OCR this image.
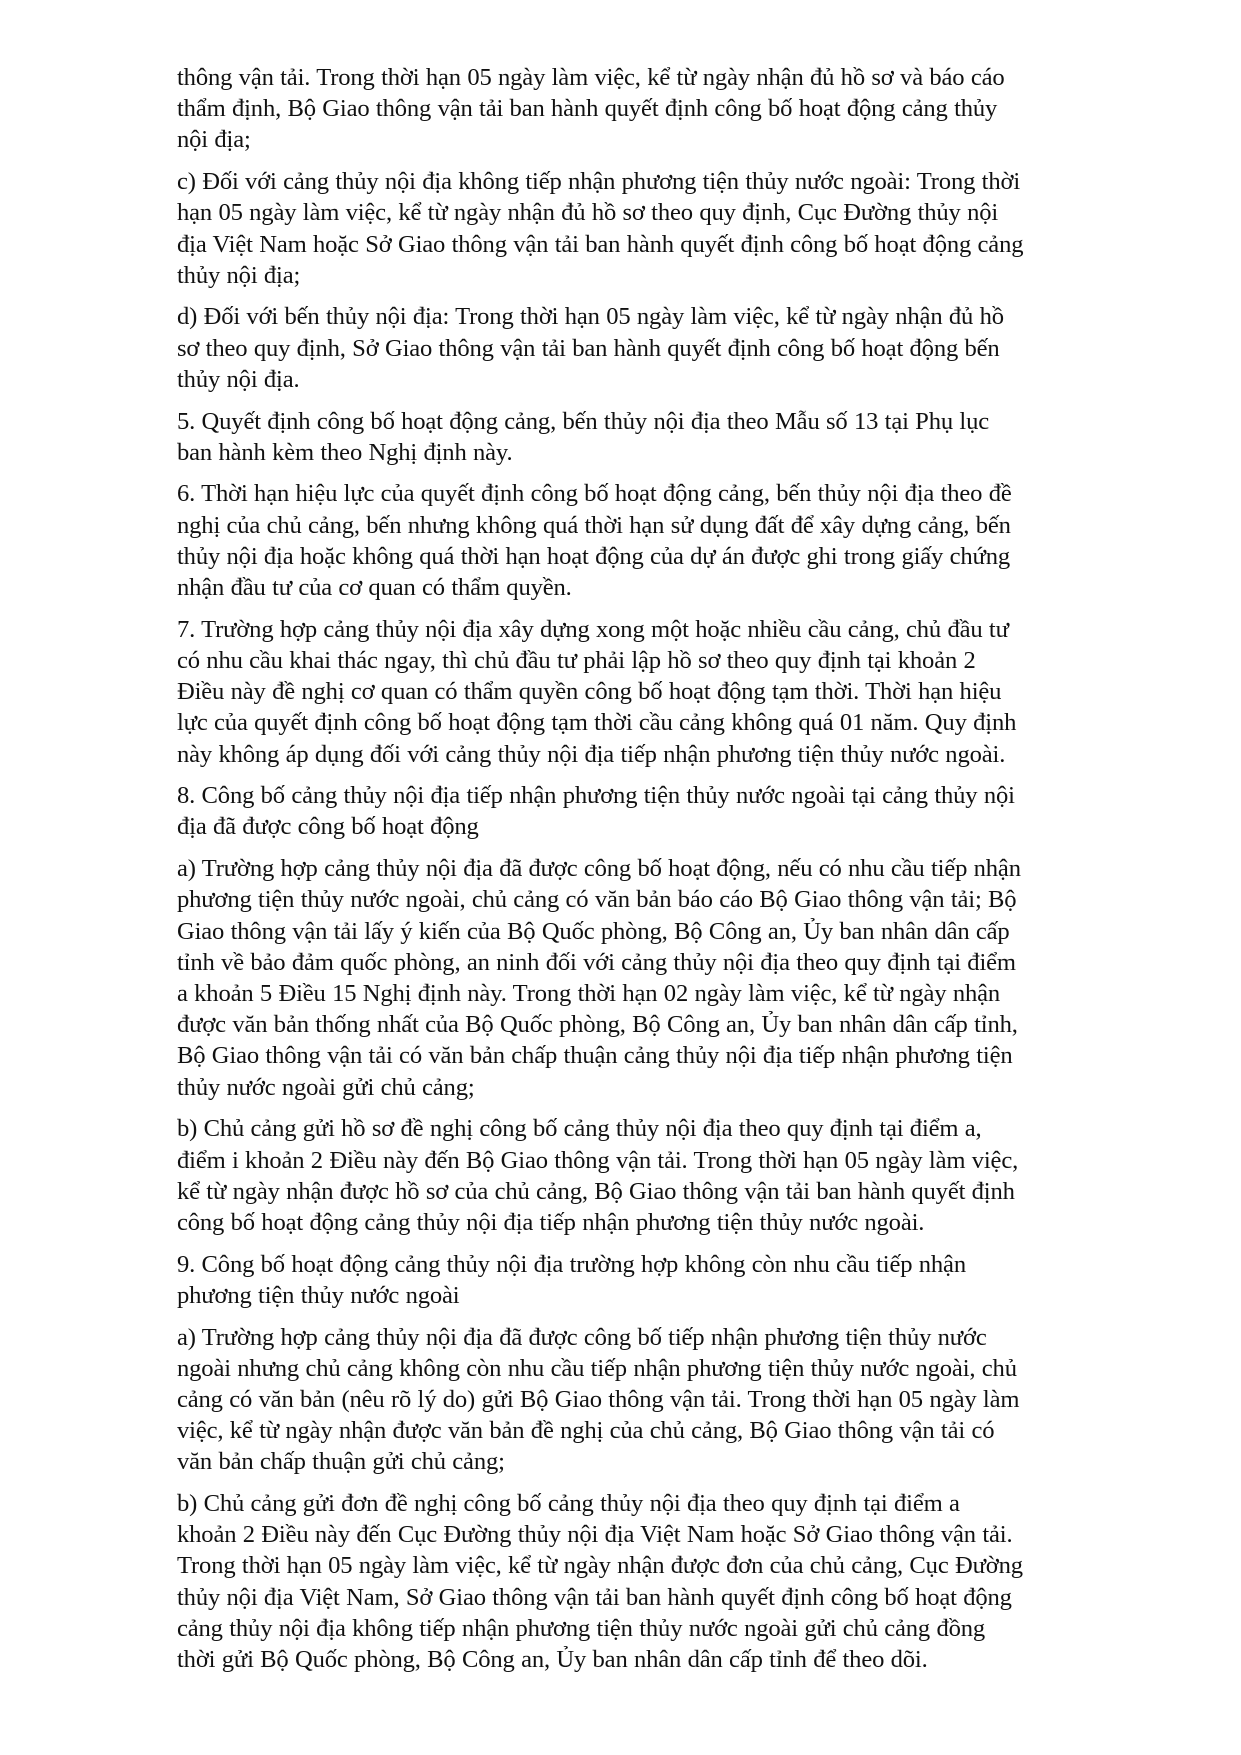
thông vận tải. Trong thời hạn 05 ngày làm việc, kể từ ngày nhận đủ hồ sơ và báo cáo
thẩm định, Bộ Giao thông vận tải ban hành quyết định công bố hoạt động cảng thủy
nội địa;

c) Đối với cảng thủy nội địa không tiếp nhận phương tiện thủy nước ngoài: Trong thời
hạn 05 ngày làm việc, kể từ ngày nhận đủ hồ sơ theo quy định, Cục Đường thủy nội
địa Việt Nam hoặc Sở Giao thông vận tải ban hành quyết định công bố hoạt động cảng
thủy nội địa;

d) Đối với bến thủy nội địa: Trong thời hạn 05 ngày làm việc, kể từ ngày nhận đủ hồ
sơ theo quy định, Sở Giao thông vận tải ban hành quyết định công bố hoạt động bến
thủy nội địa.

5. Quyết định công bố hoạt động cảng, bến thủy nội địa theo Mẫu số 13 tại Phụ lục
ban hành kèm theo Nghị định này.

6. Thời hạn hiệu lực của quyết định công bố hoạt động cảng, bến thủy nội địa theo đề
nghị của chủ cảng, bến nhưng không quá thời hạn sử dụng đất để xây dựng cảng, bến
thủy nội địa hoặc không quá thời hạn hoạt động của dự án được ghi trong giấy chứng
nhận đầu tư của cơ quan có thẩm quyền.

7. Trường hợp cảng thủy nội địa xây dựng xong một hoặc nhiều cầu cảng, chủ đầu tư
có nhu cầu khai thác ngay, thì chủ đầu tư phải lập hồ sơ theo quy định tại khoản 2
Điều này đề nghị cơ quan có thẩm quyền công bố hoạt động tạm thời. Thời hạn hiệu
lực của quyết định công bố hoạt động tạm thời cầu cảng không quá 01 năm. Quy định
này không áp dụng đối với cảng thủy nội địa tiếp nhận phương tiện thủy nước ngoài.

8. Công bố cảng thủy nội địa tiếp nhận phương tiện thủy nước ngoài tại cảng thủy nội
địa đã được công bố hoạt động

a) Trường hợp cảng thủy nội địa đã được công bố hoạt động, nếu có nhu cầu tiếp nhận
phương tiện thủy nước ngoài, chủ cảng có văn bản báo cáo Bộ Giao thông vận tải; Bộ
Giao thông vận tải lấy ý kiến của Bộ Quốc phòng, Bộ Công an, Ủy ban nhân dân cấp
tỉnh về bảo đảm quốc phòng, an ninh đối với cảng thủy nội địa theo quy định tại điểm
a khoản 5 Điều 15 Nghị định này. Trong thời hạn 02 ngày làm việc, kể từ ngày nhận
được văn bản thống nhất của Bộ Quốc phòng, Bộ Công an, Ủy ban nhân dân cấp tỉnh,
Bộ Giao thông vận tải có văn bản chấp thuận cảng thủy nội địa tiếp nhận phương tiện
thủy nước ngoài gửi chủ cảng;

b) Chủ cảng gửi hồ sơ đề nghị công bố cảng thủy nội địa theo quy định tại điểm a,
điểm i khoản 2 Điều này đến Bộ Giao thông vận tải. Trong thời hạn 05 ngày làm việc,
kể từ ngày nhận được hồ sơ của chủ cảng, Bộ Giao thông vận tải ban hành quyết định
công bố hoạt động cảng thủy nội địa tiếp nhận phương tiện thủy nước ngoài.

9. Công bố hoạt động cảng thủy nội địa trường hợp không còn nhu cầu tiếp nhận
phương tiện thủy nước ngoài

a) Trường hợp cảng thủy nội địa đã được công bố tiếp nhận phương tiện thủy nước
ngoài nhưng chủ cảng không còn nhu cầu tiếp nhận phương tiện thủy nước ngoài, chủ
cảng có văn bản (nêu rõ lý do) gửi Bộ Giao thông vận tải. Trong thời hạn 05 ngày làm
việc, kể từ ngày nhận được văn bản đề nghị của chủ cảng, Bộ Giao thông vận tải có
văn bản chấp thuận gửi chủ cảng;

b) Chủ cảng gửi đơn đề nghị công bố cảng thủy nội địa theo quy định tại điểm a
khoản 2 Điều này đến Cục Đường thủy nội địa Việt Nam hoặc Sở Giao thông vận tải.
Trong thời hạn 05 ngày làm việc, kể từ ngày nhận được đơn của chủ cảng, Cục Đường
thủy nội địa Việt Nam, Sở Giao thông vận tải ban hành quyết định công bố hoạt động
cảng thủy nội địa không tiếp nhận phương tiện thủy nước ngoài gửi chủ cảng đồng
thời gửi Bộ Quốc phòng, Bộ Công an, Ủy ban nhân dân cấp tỉnh để theo dõi.
